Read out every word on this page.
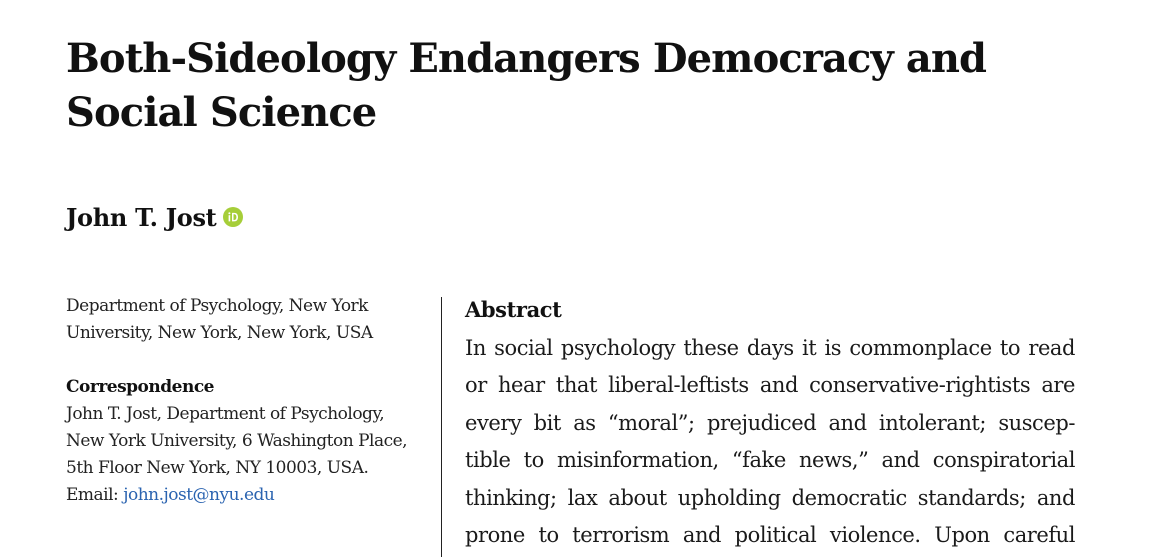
Both-Sideology Endangers Democracy and
Social Science
John T. Jost
Department of Psychology, New York
University, New York, New York, USA
Correspondence
John T. Jost, Department of Psychology,
New York University, 6 Washington Place,
5th Floor New York, NY 10003, USA.
Email: john.jost@nyu.edu
Abstract
In social psychology these days it is commonplace to read
or hear that liberal-leftists and conservative-rightists are
every bit as “moral”; prejudiced and intolerant; suscep-
tible to misinformation, “fake news,” and conspiratorial
thinking; lax about upholding democratic standards; and
prone to terrorism and political violence. Upon careful
